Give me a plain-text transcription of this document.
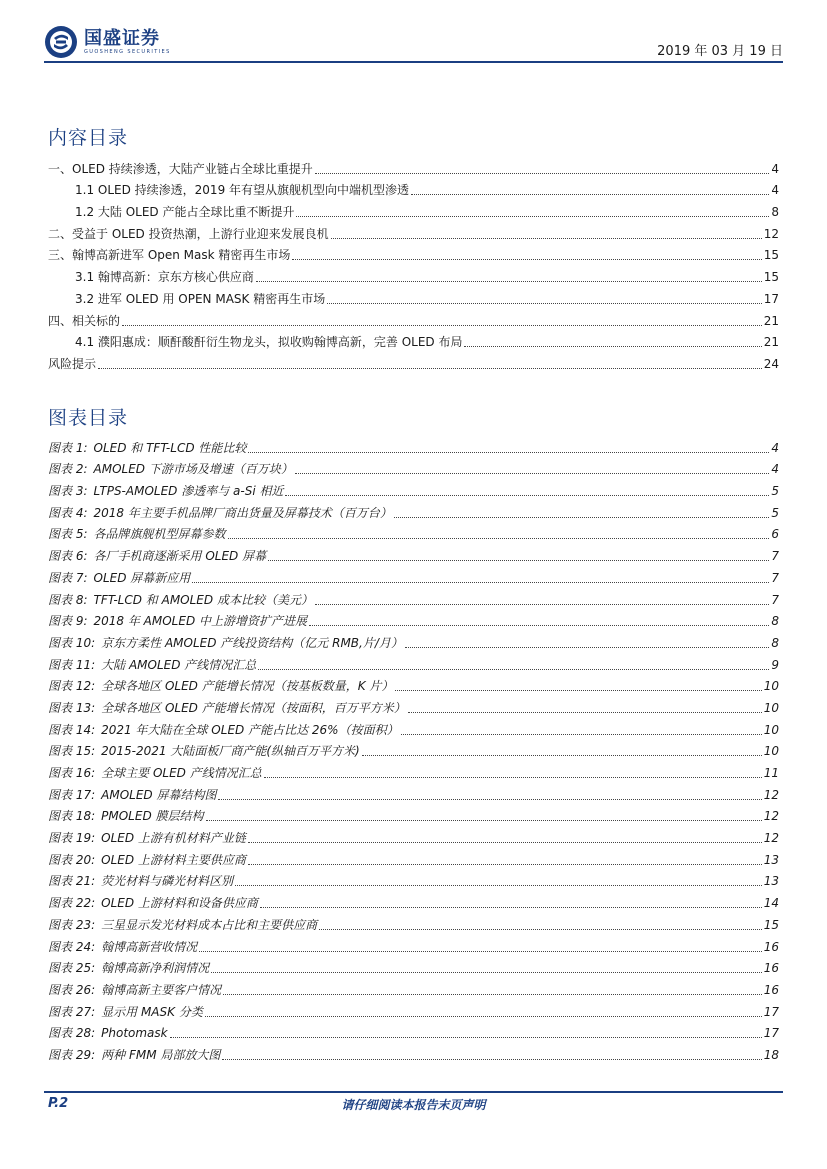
国盛证券
GUOSHENG SECURITIES	2019 年 03 月 19 日
内容目录
一、OLED 持续渗透，大陆产业链占全球比重提升	4
1.1 OLED 持续渗透，2019 年有望从旗舰机型向中端机型渗透	4
1.2 大陆 OLED 产能占全球比重不断提升	8
二、受益于 OLED 投资热潮，上游行业迎来发展良机	12
三、翰博高新进军 Open Mask 精密再生市场	15
3.1 翰博高新：京东方核心供应商	15
3.2 进军 OLED 用 OPEN MASK 精密再生市场	17
四、相关标的	21
4.1 濮阳惠成：顺酐酸酐衍生物龙头，拟收购翰博高新，完善 OLED 布局	21
风险提示	24
图表目录
图表 1: OLED 和 TFT-LCD 性能比较	4
图表 2: AMOLED 下游市场及增速（百万块）	4
图表 3: LTPS-AMOLED 渗透率与 a-Si 相近	5
图表 4: 2018 年主要手机品牌厂商出货量及屏幕技术（百万台）	5
图表 5: 各品牌旗舰机型屏幕参数	6
图表 6: 各厂手机商逐渐采用 OLED 屏幕	7
图表 7: OLED 屏幕新应用	7
图表 8: TFT-LCD 和 AMOLED 成本比较（美元）	7
图表 9: 2018 年 AMOLED 中上游增资扩产进展	8
图表 10: 京东方柔性 AMOLED 产线投资结构（亿元 RMB,片/月）	8
图表 11: 大陆 AMOLED 产线情况汇总	9
图表 12: 全球各地区 OLED 产能增长情况（按基板数量，K 片）	10
图表 13: 全球各地区 OLED 产能增长情况（按面积，百万平方米）	10
图表 14: 2021 年大陆在全球 OLED 产能占比达 26%（按面积）	10
图表 15: 2015-2021 大陆面板厂商产能(纵轴百万平方米)	10
图表 16: 全球主要 OLED 产线情况汇总	11
图表 17: AMOLED 屏幕结构图	12
图表 18: PMOLED 膜层结构	12
图表 19: OLED 上游有机材料产业链	12
图表 20: OLED 上游材料主要供应商	13
图表 21: 荧光材料与磷光材料区别	13
图表 22: OLED 上游材料和设备供应商	14
图表 23: 三星显示发光材料成本占比和主要供应商	15
图表 24: 翰博高新营收情况	16
图表 25: 翰博高新净利润情况	16
图表 26: 翰博高新主要客户情况	16
图表 27: 显示用 MASK 分类	17
图表 28: Photomask	17
图表 29: 两种 FMM 局部放大图	18
请仔细阅读本报告末页声明
P.2
